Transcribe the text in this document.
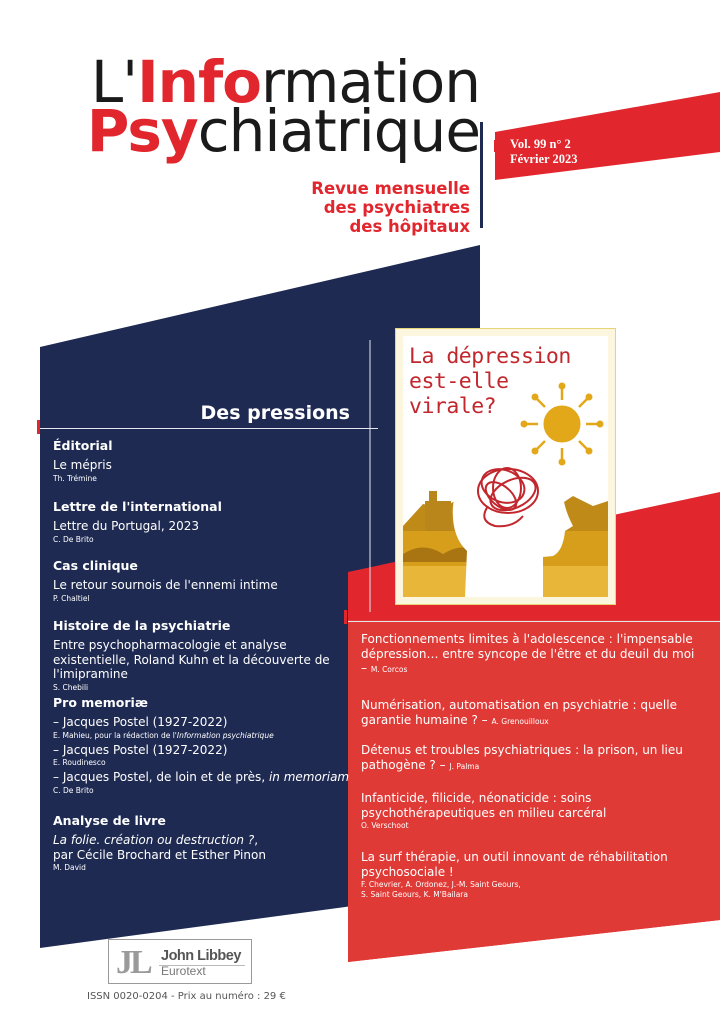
L'Information
Psychiatrique Vol. 99 n° 2
Février 2023
Revue mensuelle
des psychiatres
des hôpitaux
Des pressions
Éditorial
Le mépris
Th. Trémine
Lettre de l'international
Lettre du Portugal, 2023
C. De Brito
Cas clinique
Le retour sournois de l'ennemi intime
P. Chaltiel
Histoire de la psychiatrie
Entre psychopharmacologie et analyse existentielle, Roland Kuhn et la découverte de l'imipramine
S. Chebili
Pro memoriæ
– Jacques Postel (1927-2022)
E. Mahieu, pour la rédaction de l'Information psychiatrique
– Jacques Postel (1927-2022)
E. Roudinesco
– Jacques Postel, de loin et de près, in memoriam
C. De Brito
Analyse de livre
La folie. création ou destruction ?,
par Cécile Brochard et Esther Pinon
M. David
La dépression
est-elle
virale?
Fonctionnements limites à l'adolescence : l'impensable dépression… entre syncope de l'être et du deuil du moi – M. Corcos
Numérisation, automatisation en psychiatrie : quelle garantie humaine ? – A. Grenouilloux
Détenus et troubles psychiatriques : la prison, un lieu pathogène ? – J. Palma
Infanticide, filicide, néonaticide : soins psychothérapeutiques en milieu carcéral
O. Verschoot
La surf thérapie, un outil innovant de réhabilitation psychosociale !
F. Chevrier, A. Ordonez, J.-M. Saint Geours,
S. Saint Geours, K. M'Bailara
JL John Libbey
Eurotext
ISSN 0020-0204 - Prix au numéro : 29 €
